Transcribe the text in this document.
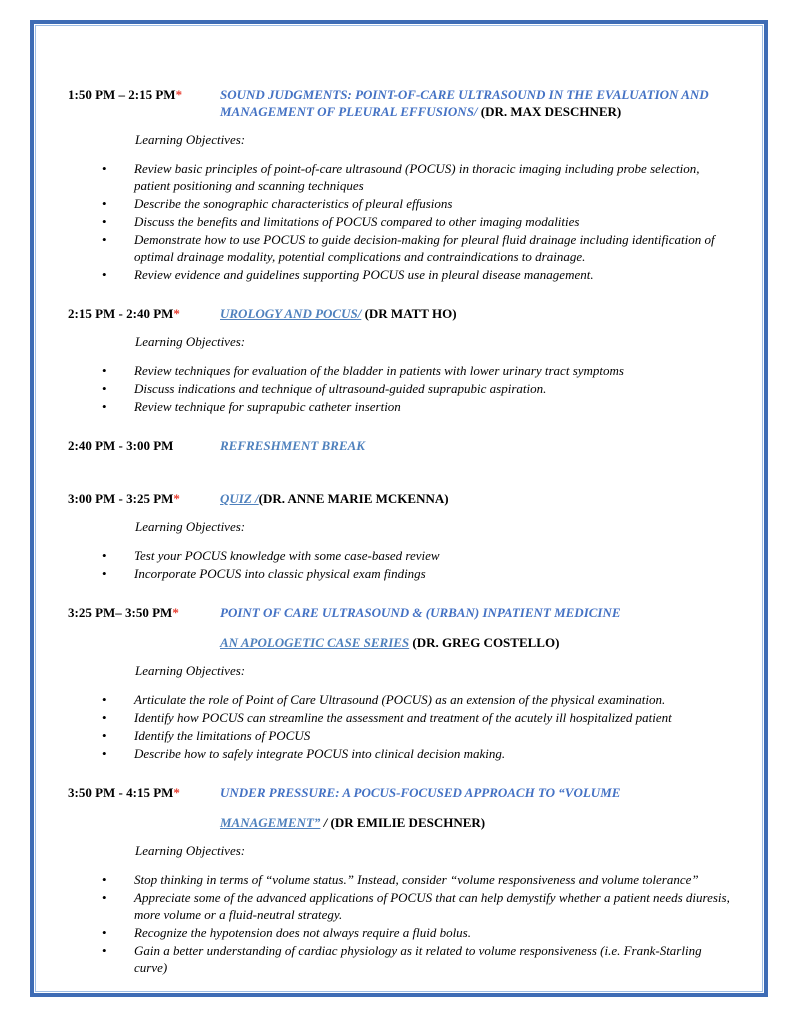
1:50 PM – 2:15 PM*	SOUND JUDGMENTS: POINT-OF-CARE ULTRASOUND IN THE EVALUATION AND MANAGEMENT OF PLEURAL EFFUSIONS/ (DR. MAX DESCHNER)
Learning Objectives:
• Review basic principles of point-of-care ultrasound (POCUS) in thoracic imaging including probe selection, patient positioning and scanning techniques
• Describe the sonographic characteristics of pleural effusions
• Discuss the benefits and limitations of POCUS compared to other imaging modalities
• Demonstrate how to use POCUS to guide decision-making for pleural fluid drainage including identification of optimal drainage modality, potential complications and contraindications to drainage.
• Review evidence and guidelines supporting POCUS use in pleural disease management.
2:15 PM - 2:40 PM*	UROLOGY AND POCUS/ (DR MATT HO)
Learning Objectives:
• Review techniques for evaluation of the bladder in patients with lower urinary tract symptoms
• Discuss indications and technique of ultrasound-guided suprapubic aspiration.
• Review technique for suprapubic catheter insertion
2:40 PM - 3:00 PM	REFRESHMENT BREAK
3:00 PM - 3:25 PM*	QUIZ /(DR. ANNE MARIE MCKENNA)
Learning Objectives:
• Test your POCUS knowledge with some case-based review
• Incorporate POCUS into classic physical exam findings
3:25 PM– 3:50 PM*	POINT OF CARE ULTRASOUND & (URBAN) INPATIENT MEDICINE
AN APOLOGETIC CASE SERIES (DR. GREG COSTELLO)
Learning Objectives:
• Articulate the role of Point of Care Ultrasound (POCUS) as an extension of the physical examination.
• Identify how POCUS can streamline the assessment and treatment of the acutely ill hospitalized patient
• Identify the limitations of POCUS
• Describe how to safely integrate POCUS into clinical decision making.
3:50 PM - 4:15 PM*	UNDER PRESSURE: A POCUS-FOCUSED APPROACH TO “VOLUME
MANAGEMENT” / (DR EMILIE DESCHNER)
Learning Objectives:
• Stop thinking in terms of “volume status.” Instead, consider “volume responsiveness and volume tolerance”
• Appreciate some of the advanced applications of POCUS that can help demystify whether a patient needs diuresis, more volume or a fluid-neutral strategy.
• Recognize the hypotension does not always require a fluid bolus.
• Gain a better understanding of cardiac physiology as it related to volume responsiveness (i.e. Frank-Starling curve)
